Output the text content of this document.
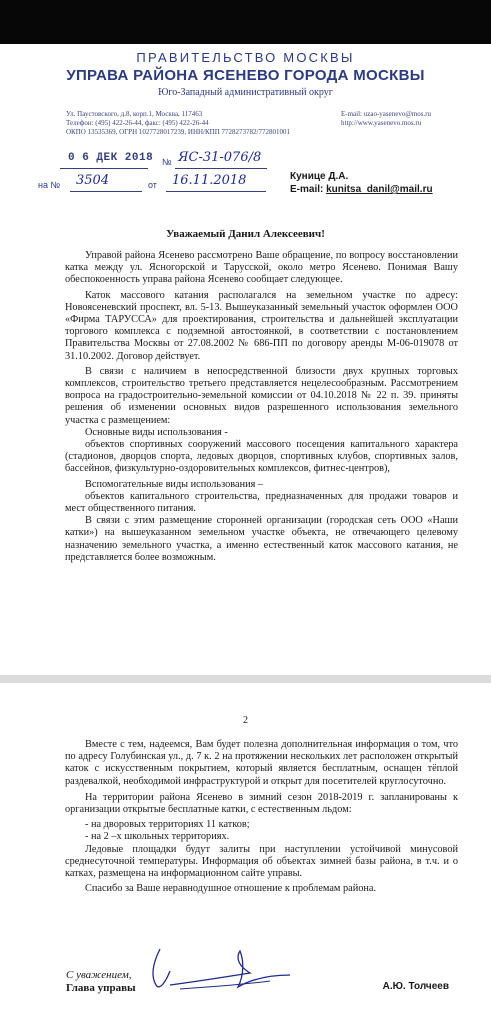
ПРАВИТЕЛЬСТВО МОСКВЫ
УПРАВА РАЙОНА ЯСЕНЕВО ГОРОДА МОСКВЫ
Юго-Западный административный округ
Ул. Паустовского, д.8, корп.1, Москва, 117463
Телефон: (495) 422-26-44, факс: (495) 422-26-44
ОКПО 13535369, ОГРН 1027728017239, ИНН/КПП 7728273782/772801001
E-mail: uzao-yasenevo@mos.ru
http://www.yasenevo.mos.ru
0 6 ДЕК 2018 № ЯС-31-076/8
на № 3504	от 16.11.2018	Кунице Д.А.
E-mail: kunitsa_danil@mail.ru
Уважаемый Данил Алексеевич!

Управой района Ясенево рассмотрено Ваше обращение, по вопросу восстановлении катка между ул. Ясногорской и Тарусской, около метро Ясенево. Понимая Вашу обеспокоенность управа района Ясенево сообщает следующее.

Каток массового катания располагался на земельном участке по адресу: Новоясеневский проспект, вл. 5-13. Вышеуказанный земельный участок оформлен ООО «Фирма ТАРУССА» для проектирования, строительства и дальнейшей эксплуатации торгового комплекса с подземной автостоянкой, в соответствии с постановлением Правительства Москвы от 27.08.2002 № 686-ПП по договору аренды М-06-019078 от 31.10.2002. Договор действует.

В связи с наличием в непосредственной близости двух крупных торговых комплексов, строительство третьего представляется нецелесообразным. Рассмотрением вопроса на градостроительно-земельной комиссии от 04.10.2018 № 22 п. 39. приняты решения об изменении основных видов разрешенного использования земельного участка с размещением:

Основные виды использования -

объектов спортивных сооружений массового посещения капитального характера (стадионов, дворцов спорта, ледовых дворцов, спортивных клубов, спортивных залов, бассейнов, физкультурно-оздоровительных комплексов, фитнес-центров),

Вспомогательные виды использования –

объектов капитального строительства, предназначенных для продажи товаров и мест общественного питания.

В связи с этим размещение сторонней организации (городская сеть ООО «Наши катки») на вышеуказанном земельном участке объекта, не отвечающего целевому назначению земельного участка, а именно естественный каток массового катания, не представляется более возможным.

2

Вместе с тем, надеемся, Вам будет полезна дополнительная информация о том, что по адресу Голубинская ул., д. 7 к. 2 на протяжении нескольких лет расположен открытый каток с искусственным покрытием, который является бесплатным, оснащен тёплой раздевалкой, необходимой инфраструктурой и открыт для посетителей круглосуточно.

На территории района Ясенево в зимний сезон 2018-2019 г. запланированы к организации открытые бесплатные катки, с естественным льдом:

- на дворовых территориях 11 катков;

- на 2 –х школьных территориях.

Ледовые площадки будут залиты при наступлении устойчивой минусовой среднесуточной температуры. Информация об объектах зимней базы района, в т.ч. и о катках, размещена на информационном сайте управы.

Спасибо за Ваше неравнодушное отношение к проблемам района.

С уважением,
Глава управы	А.Ю. Толчеев
